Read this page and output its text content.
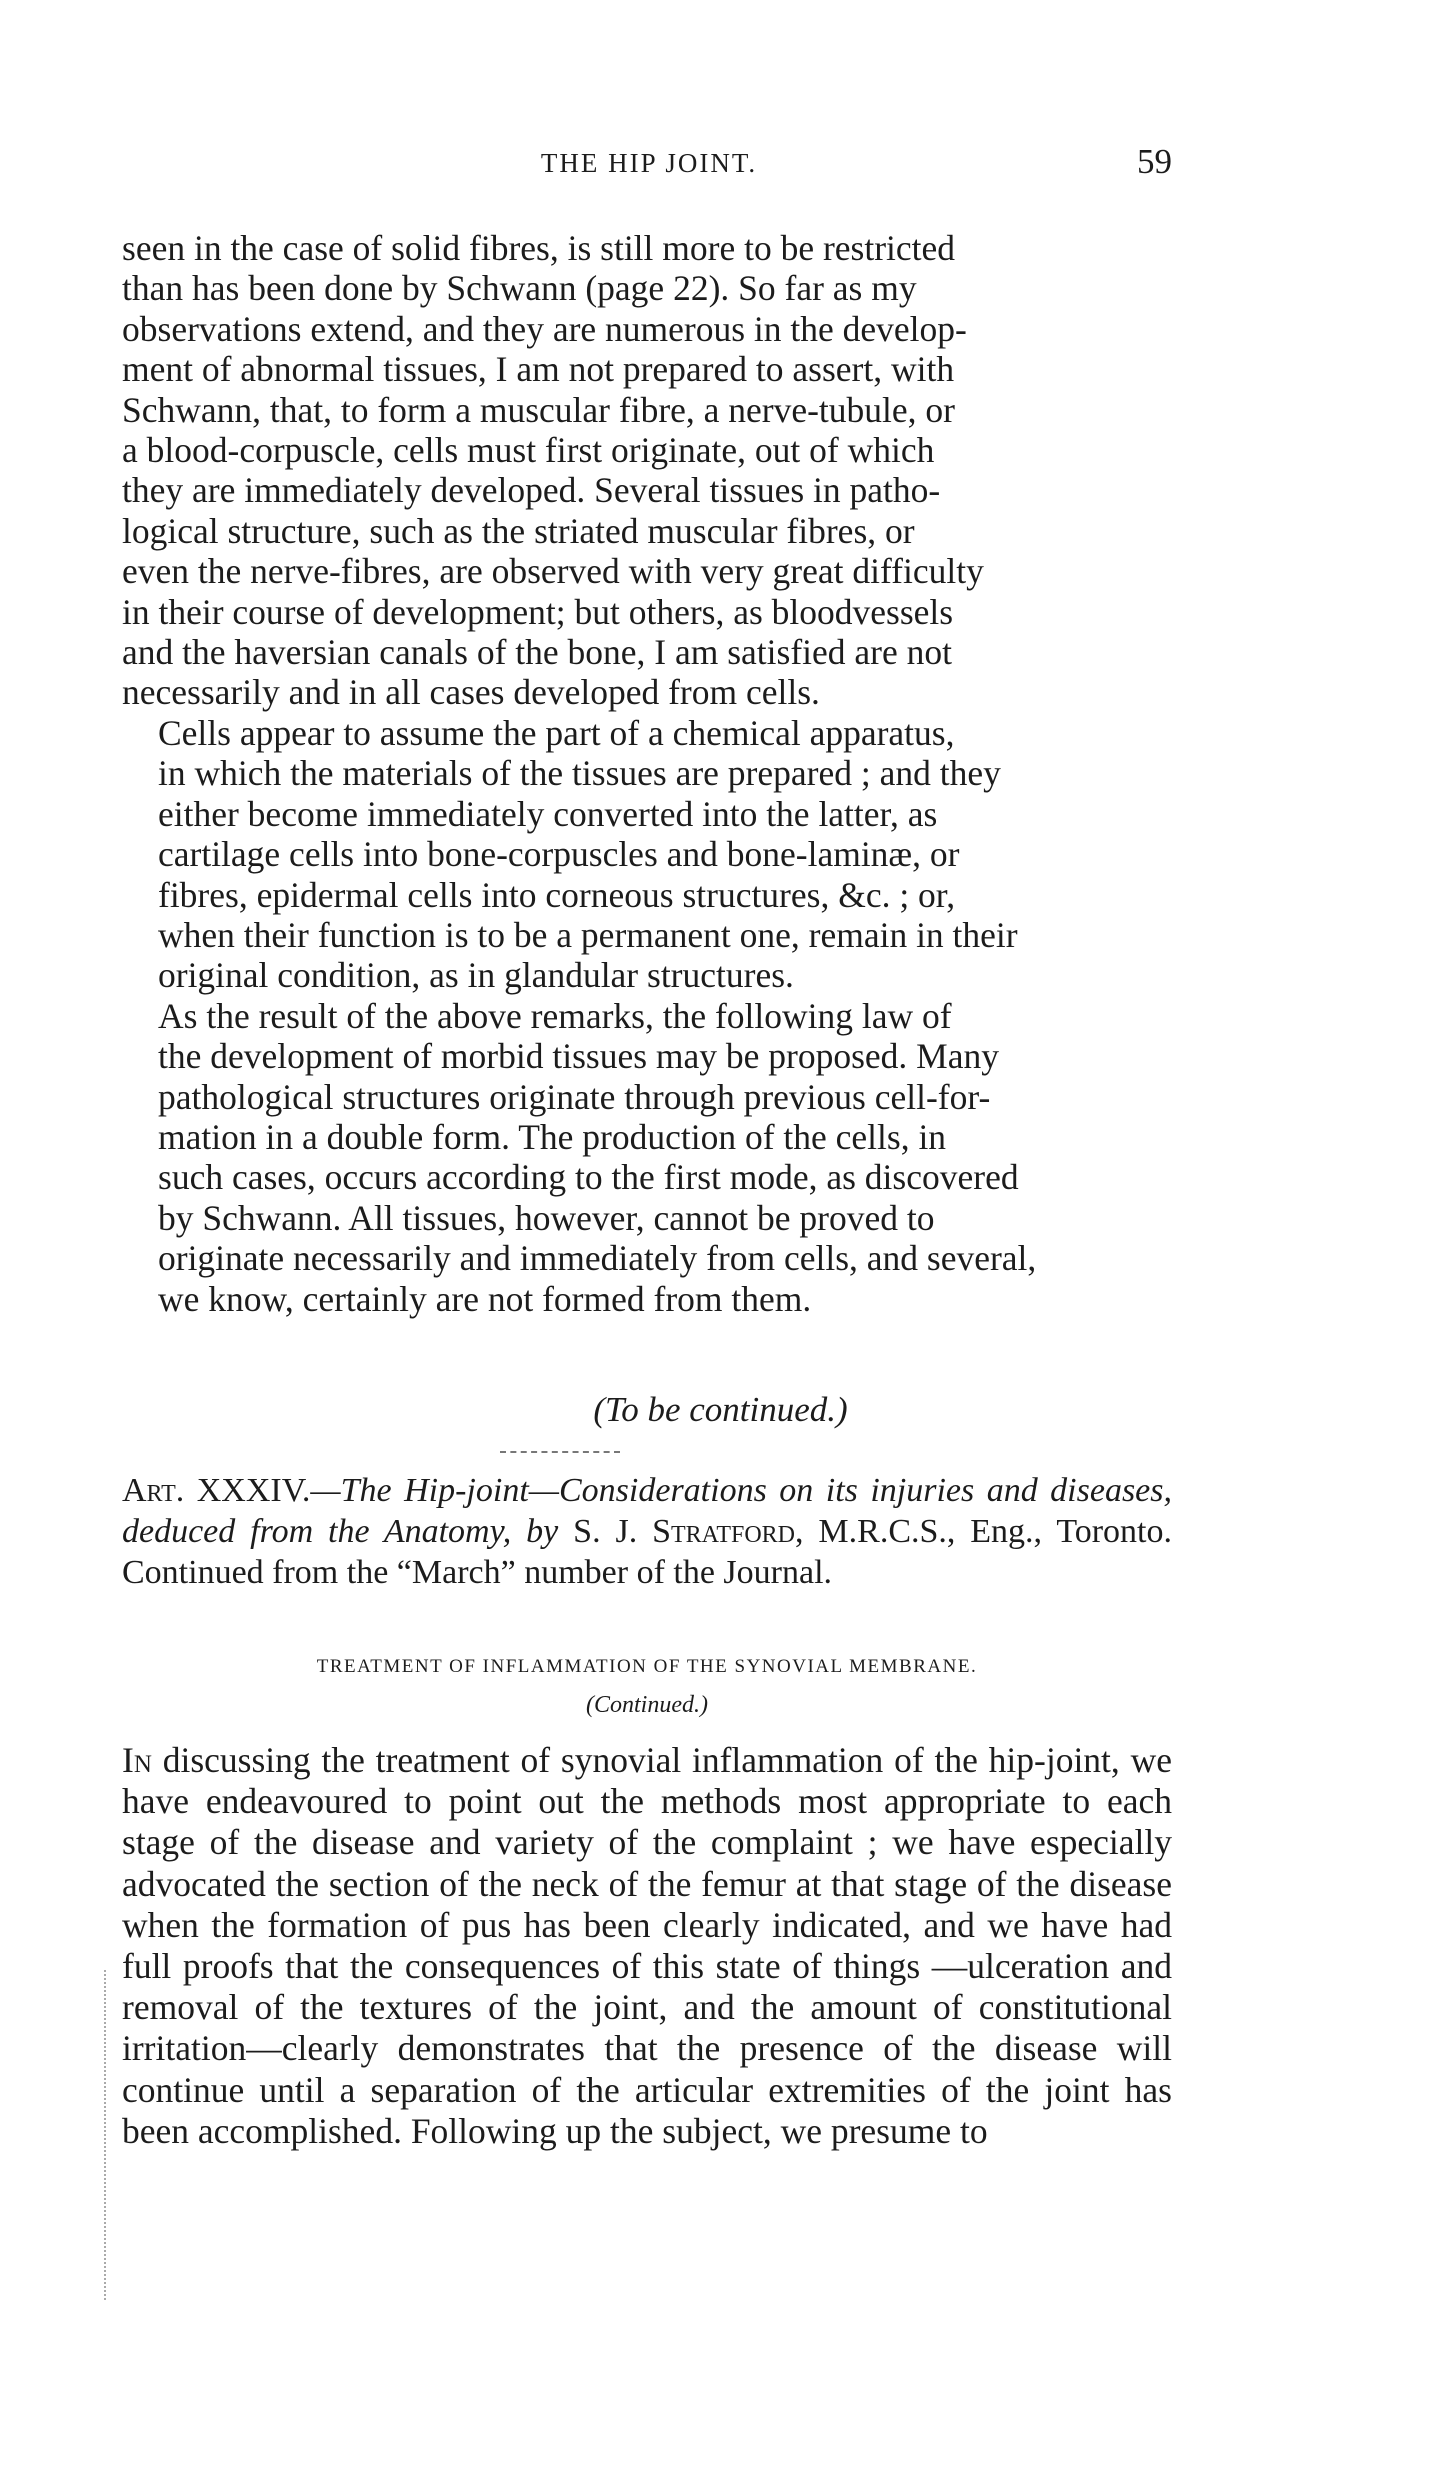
THE HIP JOINT.	59

seen in the case of solid fibres, is still more to be restricted
than has been done by Schwann (page 22). So far as my
observations extend, and they are numerous in the develop-
ment of abnormal tissues, I am not prepared to assert, with
Schwann, that, to form a muscular fibre, a nerve-tubule, or
a blood-corpuscle, cells must first originate, out of which
they are immediately developed. Several tissues in patho-
logical structure, such as the striated muscular fibres, or
even the nerve-fibres, are observed with very great difficulty
in their course of development; but others, as bloodvessels
and the haversian canals of the bone, I am satisfied are not
necessarily and in all cases developed from cells.

Cells appear to assume the part of a chemical apparatus,
in which the materials of the tissues are prepared ; and they
either become immediately converted into the latter, as
cartilage cells into bone-corpuscles and bone-laminæ, or
fibres, epidermal cells into corneous structures, &c. ; or,
when their function is to be a permanent one, remain in their
original condition, as in glandular structures.

As the result of the above remarks, the following law of
the development of morbid tissues may be proposed. Many
pathological structures originate through previous cell-for-
mation in a double form. The production of the cells, in
such cases, occurs according to the first mode, as discovered
by Schwann. All tissues, however, cannot be proved to
originate necessarily and immediately from cells, and several,
we know, certainly are not formed from them.

(To be continued.)
Art. XXXIV.—The Hip-joint—Considerations on its injuries and diseases, deduced from the Anatomy, by S. J. Stratford, M.R.C.S., Eng., Toronto. Continued from the “March” number of the Journal.
TREATMENT OF INFLAMMATION OF THE SYNOVIAL MEMBRANE.
(Continued.)
In discussing the treatment of synovial inflammation of the hip-joint, we have endeavoured to point out the methods most appropriate to each stage of the disease and variety of the complaint ; we have especially advocated the section of the neck of the femur at that stage of the disease when the formation of pus has been clearly indicated, and we have had full proofs that the consequences of this state of things —ulceration and removal of the textures of the joint, and the amount of constitutional irritation—clearly demonstrates that the presence of the disease will continue until a separation of the articular extremities of the joint has been accomplished. Following up the subject, we presume to
